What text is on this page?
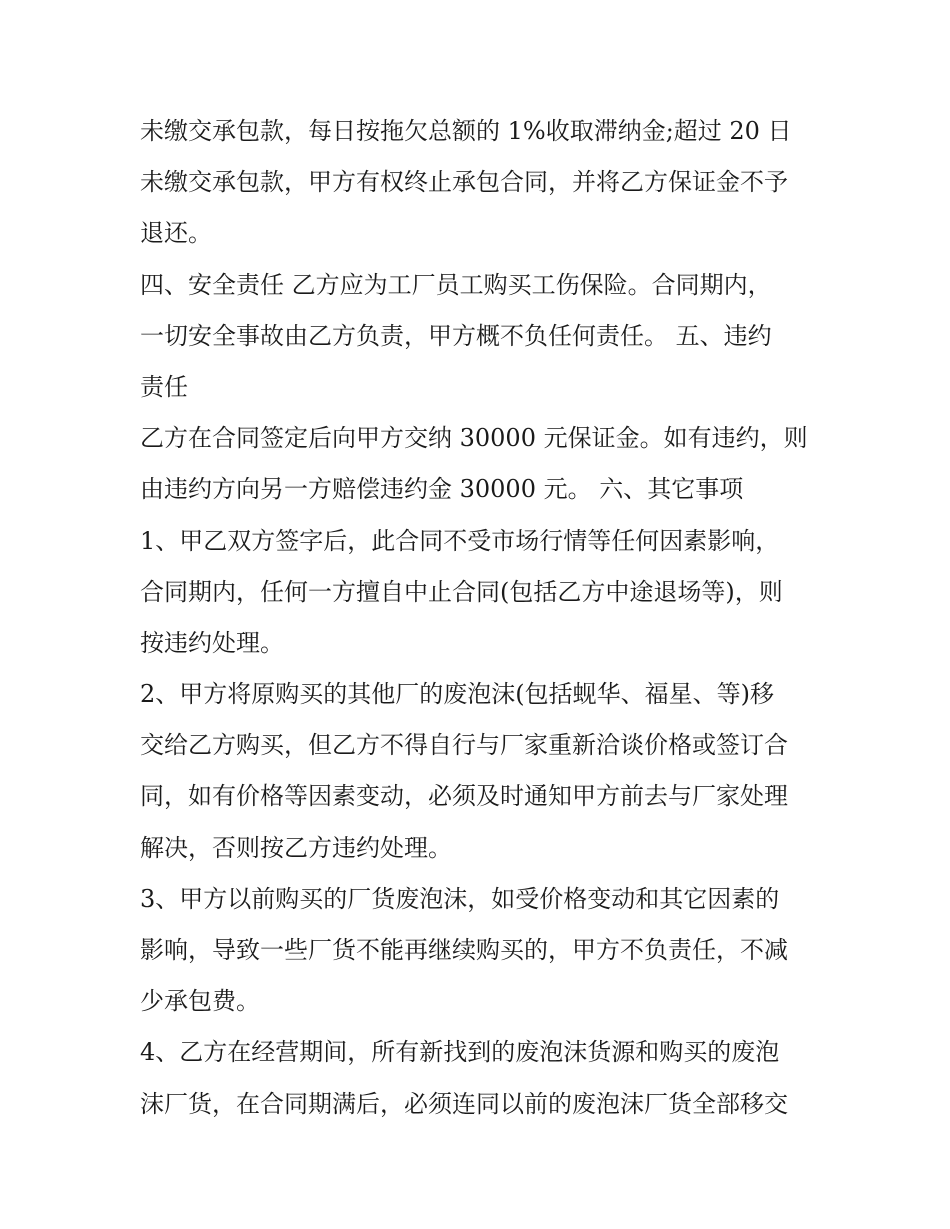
未缴交承包款，每日按拖欠总额的 1%收取滞纳金;超过 20 日
未缴交承包款，甲方有权终止承包合同，并将乙方保证金不予
退还。
四、安全责任 乙方应为工厂员工购买工伤保险。合同期内，
一切安全事故由乙方负责，甲方概不负任何责任。 五、违约
责任
乙方在合同签定后向甲方交纳 30000 元保证金。如有违约，则
由违约方向另一方赔偿违约金 30000 元。 六、其它事项
1、甲乙双方签字后，此合同不受市场行情等任何因素影响，
合同期内，任何一方擅自中止合同(包括乙方中途退场等)，则
按违约处理。
2、甲方将原购买的其他厂的废泡沫(包括蚬华、福星、等)移
交给乙方购买，但乙方不得自行与厂家重新洽谈价格或签订合
同，如有价格等因素变动，必须及时通知甲方前去与厂家处理
解决，否则按乙方违约处理。
3、甲方以前购买的厂货废泡沫，如受价格变动和其它因素的
影响，导致一些厂货不能再继续购买的，甲方不负责任，不减
少承包费。
4、乙方在经营期间，所有新找到的废泡沫货源和购买的废泡
沫厂货，在合同期满后，必须连同以前的废泡沫厂货全部移交
